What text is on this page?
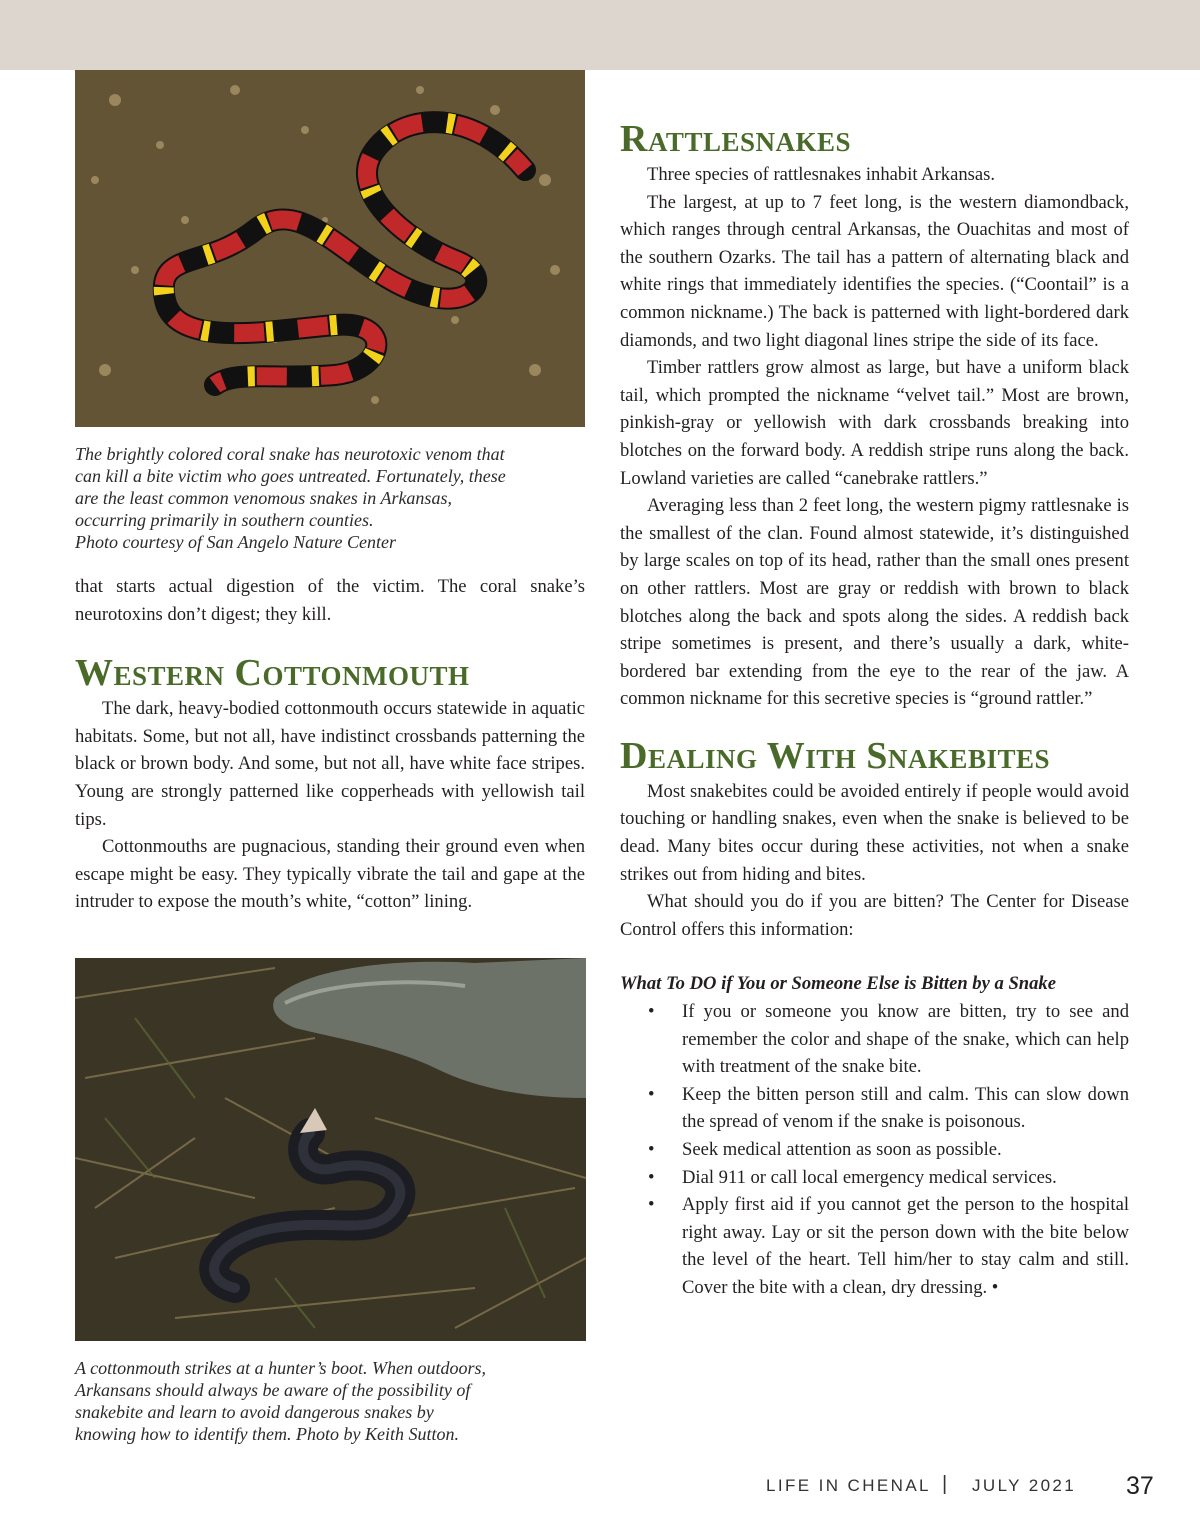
The brightly colored coral snake has neurotoxic venom that
can kill a bite victim who goes untreated. Fortunately, these
are the least common venomous snakes in Arkansas,
occurring primarily in southern counties.
Photo courtesy of San Angelo Nature Center

that starts actual digestion of the victim. The coral snake’s neurotoxins don’t digest; they kill.

Western Cottonmouth

The dark, heavy-bodied cottonmouth occurs statewide in aquatic habitats. Some, but not all, have indistinct crossbands patterning the black or brown body. And some, but not all, have white face stripes. Young are strongly patterned like copperheads with yellowish tail tips.

Cottonmouths are pugnacious, standing their ground even when escape might be easy. They typically vibrate the tail and gape at the intruder to expose the mouth’s white, “cotton” lining.

A cottonmouth strikes at a hunter’s boot. When outdoors,
Arkansans should always be aware of the possibility of
snakebite and learn to avoid dangerous snakes by
knowing how to identify them. Photo by Keith Sutton.
Rattlesnakes

Three species of rattlesnakes inhabit Arkansas.

The largest, at up to 7 feet long, is the western diamondback, which ranges through central Arkansas, the Ouachitas and most of the southern Ozarks. The tail has a pattern of alternating black and white rings that immediately identifies the species. (“Coontail” is a common nickname.) The back is patterned with light-bordered dark diamonds, and two light diagonal lines stripe the side of its face.

Timber rattlers grow almost as large, but have a uniform black tail, which prompted the nickname “velvet tail.” Most are brown, pinkish-gray or yellowish with dark crossbands breaking into blotches on the forward body. A reddish stripe runs along the back. Lowland varieties are called “canebrake rattlers.”

Averaging less than 2 feet long, the western pigmy rattlesnake is the smallest of the clan. Found almost statewide, it’s distinguished by large scales on top of its head, rather than the small ones present on other rattlers. Most are gray or reddish with brown to black blotches along the back and spots along the sides. A reddish back stripe sometimes is present, and there’s usually a dark, white-bordered bar extending from the eye to the rear of the jaw. A common nickname for this secretive species is “ground rattler.”

Dealing With Snakebites

Most snakebites could be avoided entirely if people would avoid touching or handling snakes, even when the snake is believed to be dead. Many bites occur during these activities, not when a snake strikes out from hiding and bites.

What should you do if you are bitten? The Center for Disease Control offers this information:

What To DO if You or Someone Else is Bitten by a Snake

• If you or someone you know are bitten, try to see and remember the color and shape of the snake, which can help with treatment of the snake bite.
• Keep the bitten person still and calm. This can slow down the spread of venom if the snake is poisonous.
• Seek medical attention as soon as possible.
• Dial 911 or call local emergency medical services.
• Apply first aid if you cannot get the person to the hospital right away. Lay or sit the person down with the bite below the level of the heart. Tell him/her to stay calm and still. Cover the bite with a clean, dry dressing. •
LIFE IN CHENAL | JULY 2021 37
